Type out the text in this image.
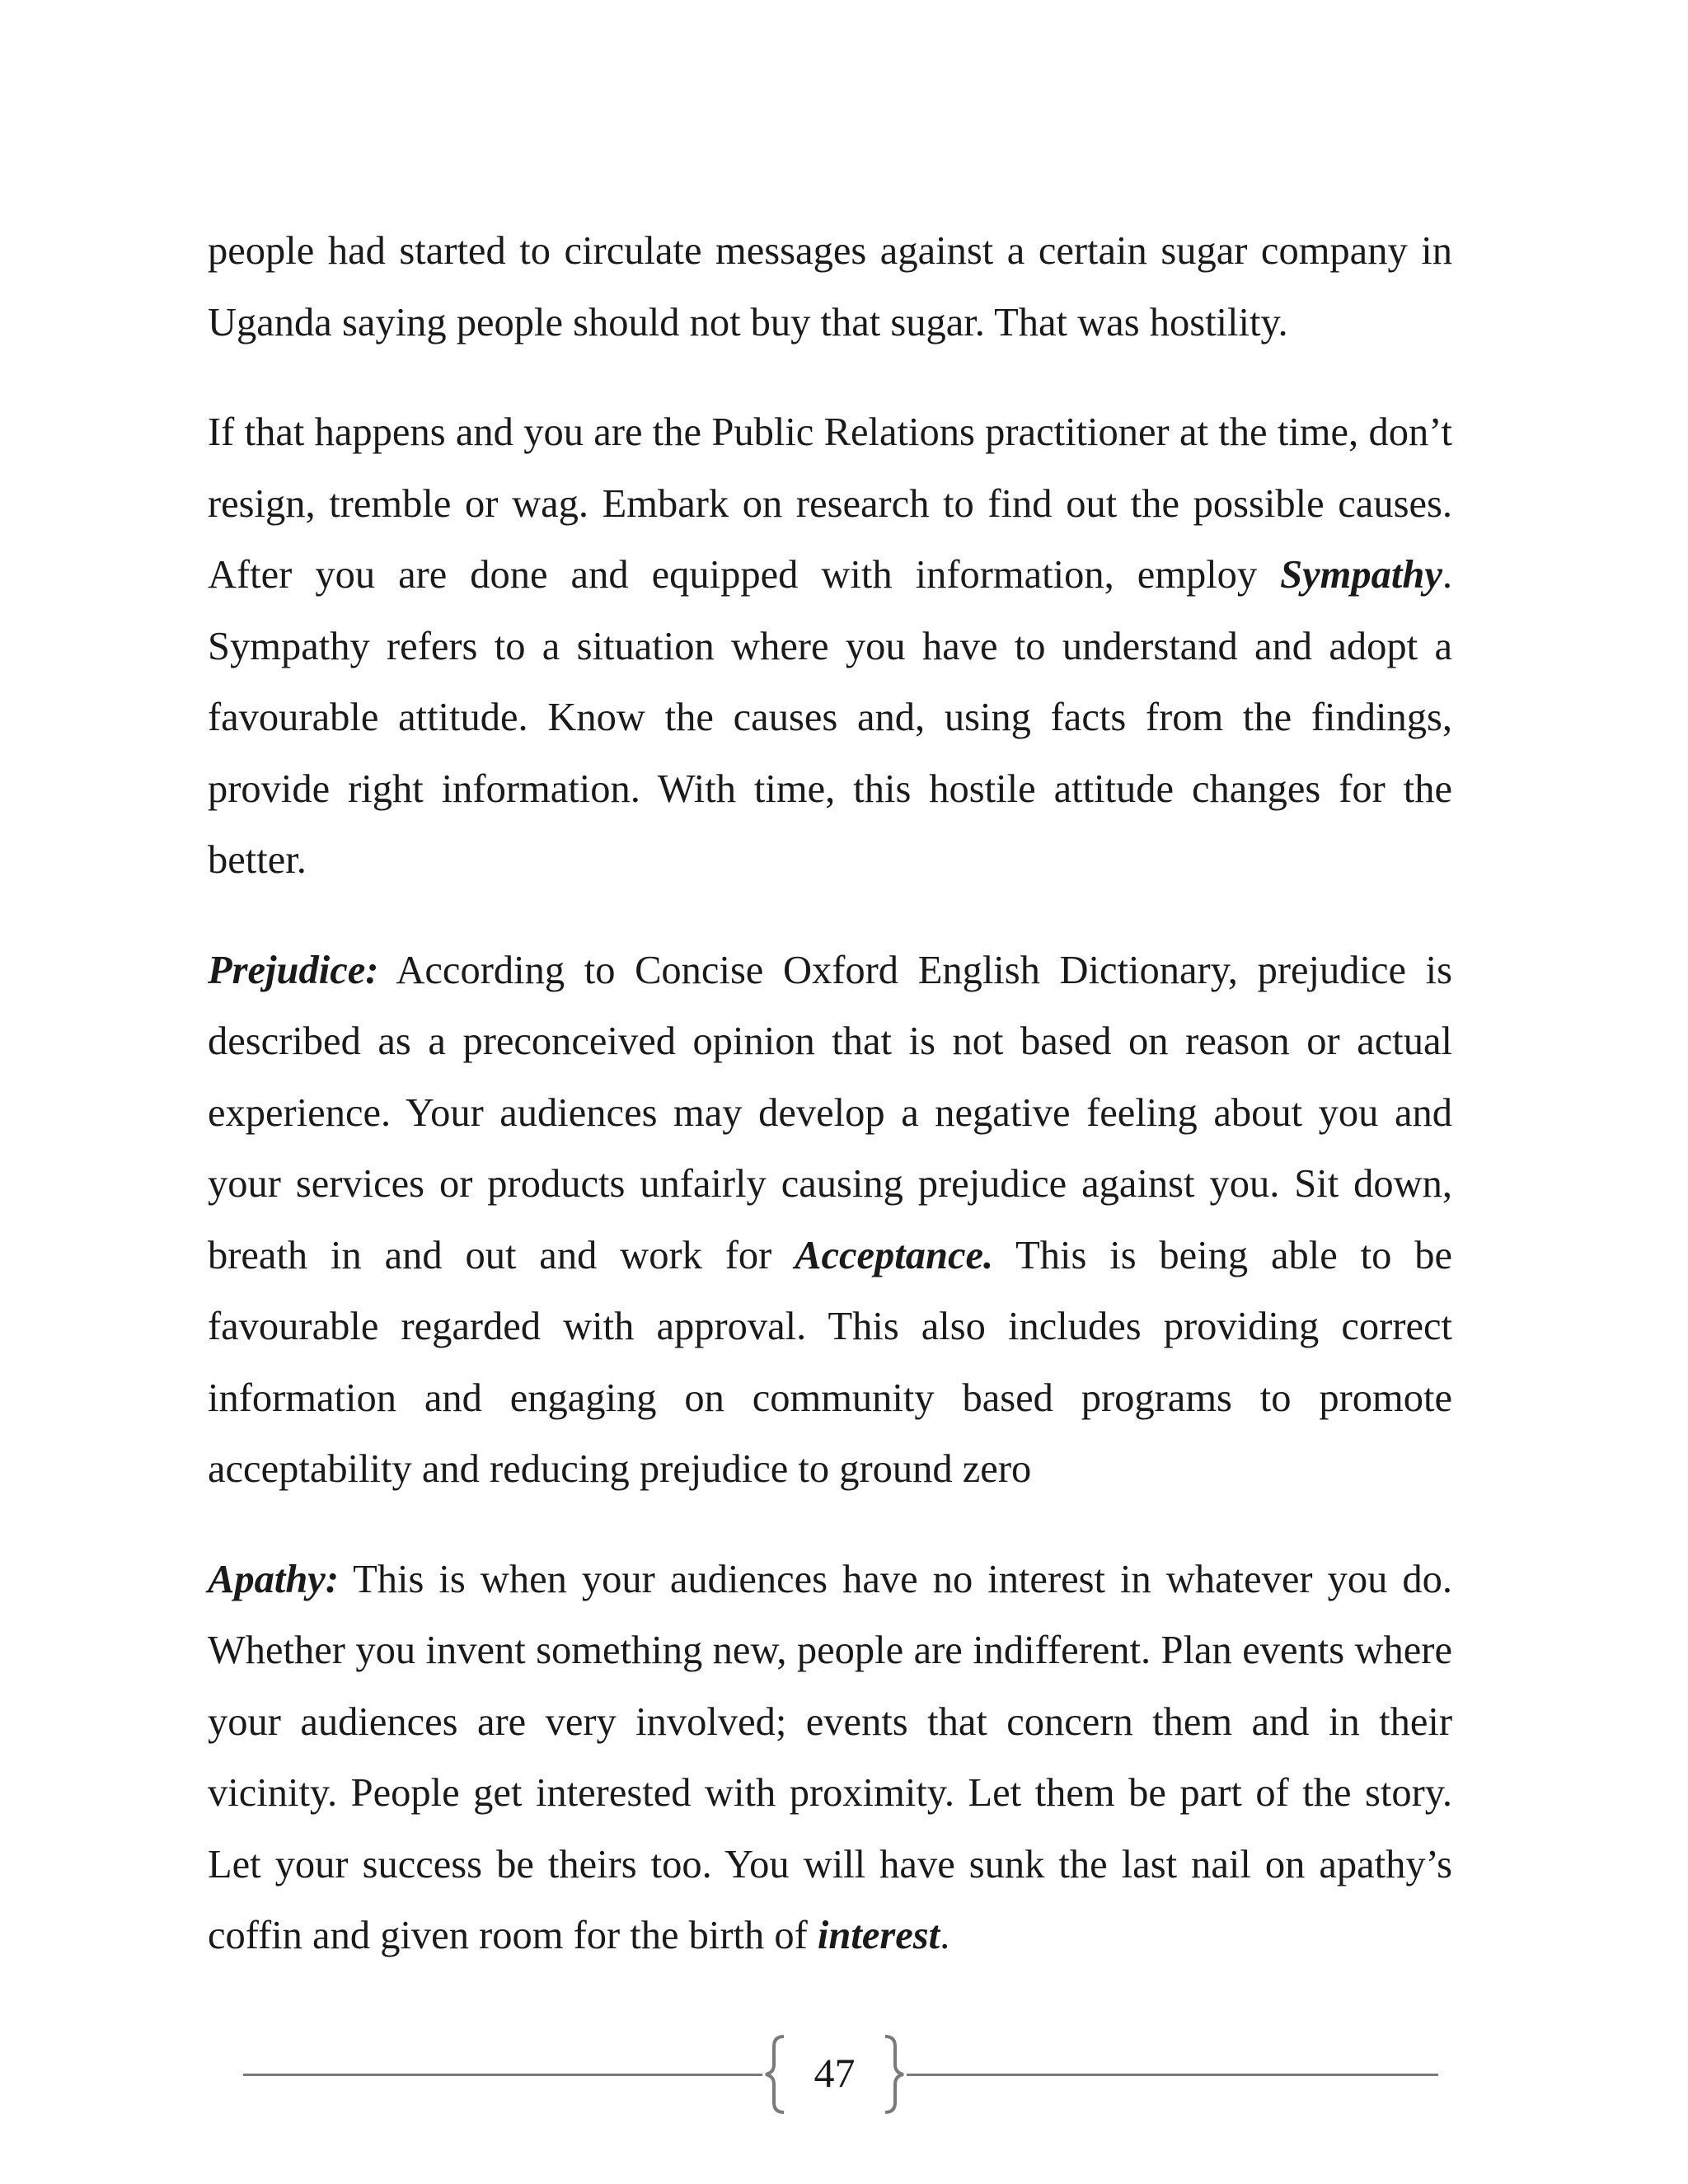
people had started to circulate messages against a certain sugar company in Uganda saying people should not buy that sugar. That was hostility.

If that happens and you are the Public Relations practitioner at the time, don’t resign, tremble or wag. Embark on research to find out the possible causes. After you are done and equipped with information, employ Sympathy. Sympathy refers to a situation where you have to understand and adopt a favourable attitude. Know the causes and, using facts from the findings, provide right information. With time, this hostile attitude changes for the better.

Prejudice: According to Concise Oxford English Dictionary, prejudice is described as a preconceived opinion that is not based on reason or actual experience. Your audiences may develop a negative feeling about you and your services or products unfairly causing prejudice against you. Sit down, breath in and out and work for Acceptance. This is being able to be favourable regarded with approval. This also includes providing correct information and engaging on community based programs to promote acceptability and reducing prejudice to ground zero

Apathy: This is when your audiences have no interest in whatever you do. Whether you invent something new, people are indifferent. Plan events where your audiences are very involved; events that concern them and in their vicinity. People get interested with proximity. Let them be part of the story. Let your success be theirs too. You will have sunk the last nail on apathy’s coffin and given room for the birth of interest.

47
